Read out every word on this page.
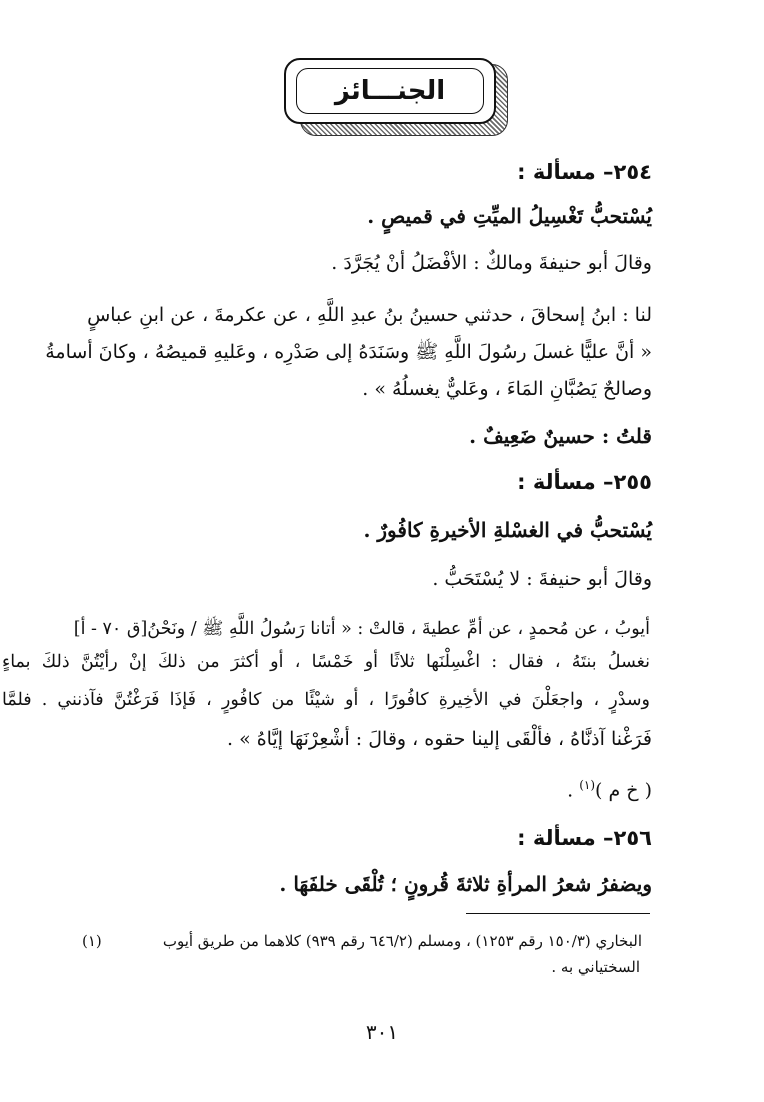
الجنـــائز
٢٥٤– مسألة :
يُسْتحبُّ تَغْسِيلُ الميِّتِ في قميصٍ .
وقالَ أبو حنيفةَ ومالكٌ : الأفْضَلُ أنْ يُجَرَّدَ .
لنا : ابنُ إسحاقَ ، حدثني حسينُ بنُ عبدِ اللَّهِ ، عن عكرمةَ ، عن ابنِ عباسٍ
« أنَّ عليًّا غسلَ رسُولَ اللَّهِ ﷺ وسَنَدَهُ إلى صَدْرِه ، وعَليهِ قميصُهُ ، وكانَ أسامةُ
وصالحٌ يَصُبَّانِ المَاءَ ، وعَليٌّ يغسلُهُ » .
قلتُ : حسينٌ ضَعِيفٌ .
٢٥٥– مسألة :
يُسْتحبُّ في الغسْلةِ الأخيرةِ كافُورٌ .
وقالَ أبو حنيفةَ : لا يُسْتَحَبُّ .
أيوبُ ، عن مُحمدٍ ، عن أمِّ عطيةَ ، قالتْ : « أتانا رَسُولُ اللَّهِ ﷺ / ونَحْنُ[ق ٧٠ - أ]
نغسلُ بنتَهُ ، فقال : اغْسِلْنَها ثلاثًا أو خَمْسًا ، أو أكثرَ من ذلكَ إنْ رأيْتُنَّ ذلكَ بماءٍ
وسدْرٍ ، واجعَلْنَ في الأخِيرةِ كافُورًا ، أو شيْئًا من كافُورٍ ، فَإذَا فَرَغْتُنَّ فآذنني . فلمَّا
فَرَغْنا آذنَّاهُ ، فألْقَى إلينا حقوه ، وقالَ : أشْعِرْنَهَا إيَّاهُ » .
( خ م )$^{(١)}$ .
٢٥٦– مسألة :
ويضفرُ شعرُ المرأةِ ثلاثةَ قُرونٍ ؛ تُلْقَى خلفَهَا .
البخاري (١٥٠/٣ رقم ١٢٥٣) ، ومسلم (٦٤٦/٢ رقم ٩٣٩) كلاهما من طريق أيوب
(١)
السختياني به .
٣٠١
